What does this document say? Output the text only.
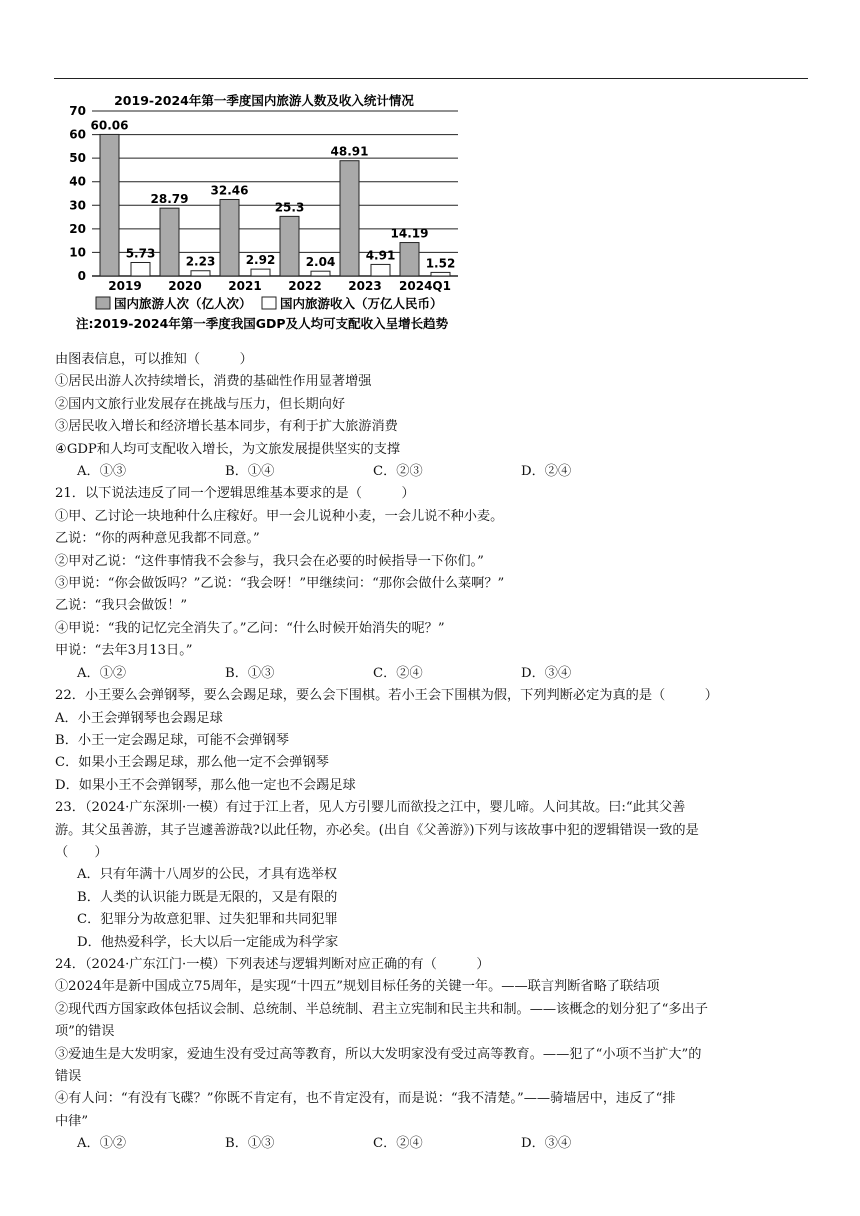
2019-2024年第一季度国内旅游人数及收入统计情况
0
10
20
30
40
50
60
70
60.06
5.73
28.79
2.23
32.46
2.92
25.3
2.04
48.91
4.91
14.19
1.52
2019 2020 2021 2022 2023 2024Q1
国内旅游人次（亿人次） 国内旅游收入（万亿人民币）
注:2019-2024年第一季度我国GDP及人均可支配收入呈增长趋势
由图表信息，可以推知（　　　）
①居民出游人次持续增长，消费的基础性作用显著增强
②国内文旅行业发展存在挑战与压力，但长期向好
③居民收入增长和经济增长基本同步，有利于扩大旅游消费
④GDP和人均可支配收入增长，为文旅发展提供坚实的支撑
A．①③	B．①④	C．②③	D．②④
21．以下说法违反了同一个逻辑思维基本要求的是（　　　）
①甲、乙讨论一块地种什么庄稼好。甲一会儿说种小麦，一会儿说不种小麦。
乙说：“你的两种意见我都不同意。”
②甲对乙说：“这件事情我不会参与，我只会在必要的时候指导一下你们。”
③甲说：“你会做饭吗？”乙说：“我会呀！”甲继续问：“那你会做什么菜啊？”
乙说：“我只会做饭！”
④甲说：“我的记忆完全消失了。”乙问：“什么时候开始消失的呢？”
甲说：“去年3月13日。”
A．①②	B．①③	C．②④	D．③④
22．小王要么会弹钢琴，要么会踢足球，要么会下围棋。若小王会下围棋为假，下列判断必定为真的是（　　　）
A．小王会弹钢琴也会踢足球
B．小王一定会踢足球，可能不会弹钢琴
C．如果小王会踢足球，那么他一定不会弹钢琴
D．如果小王不会弹钢琴，那么他一定也不会踢足球
23．（2024·广东深圳·一模）有过于江上者，见人方引婴儿而欲投之江中，婴儿啼。人问其故。曰:“此其父善
游。其父虽善游，其子岂遽善游哉?以此任物，亦必矣。(出自《父善游》)下列与该故事中犯的逻辑错误一致的是
（　　）
A．只有年满十八周岁的公民，才具有选举权
B．人类的认识能力既是无限的，又是有限的
C．犯罪分为故意犯罪、过失犯罪和共同犯罪
D．他热爱科学，长大以后一定能成为科学家
24．（2024·广东江门·一模）下列表述与逻辑判断对应正确的有（　　　）
①2024年是新中国成立75周年，是实现“十四五”规划目标任务的关键一年。——联言判断省略了联结项
②现代西方国家政体包括议会制、总统制、半总统制、君主立宪制和民主共和制。——该概念的划分犯了“多出子
项”的错误
③爱迪生是大发明家，爱迪生没有受过高等教育，所以大发明家没有受过高等教育。——犯了“小项不当扩大”的
错误
④有人问：“有没有飞碟？”你既不肯定有，也不肯定没有，而是说：“我不清楚。”——骑墙居中，违反了“排
中律”
A．①②	B．①③	C．②④	D．③④
